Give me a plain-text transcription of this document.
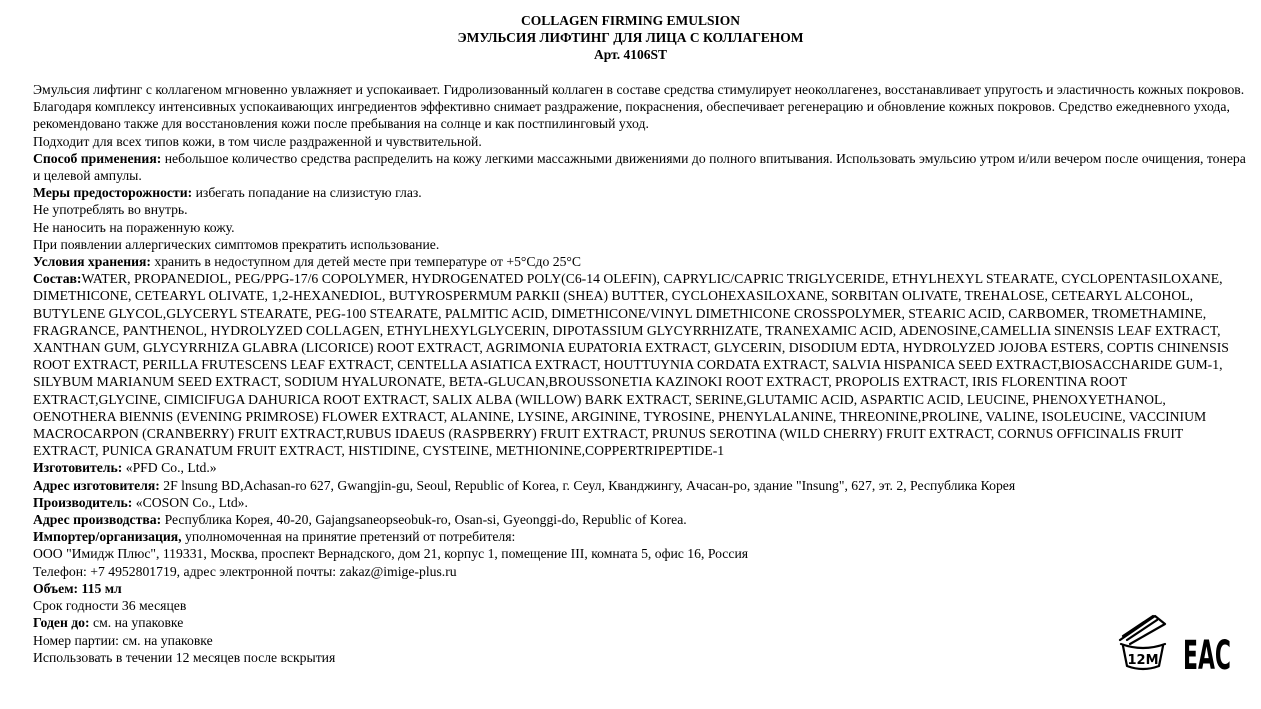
COLLAGEN FIRMING EMULSION
ЭМУЛЬСИЯ ЛИФТИНГ ДЛЯ ЛИЦА С КОЛЛАГЕНОМ
Арт. 4106ST

Эмульсия лифтинг с коллагеном мгновенно увлажняет и успокаивает. Гидролизованный коллаген в составе средства стимулирует неоколлагенез, восстанавливает упругость и эластичность кожных покровов. Благодаря комплексу интенсивных успокаивающих ингредиентов эффективно снимает раздражение, покраснения, обеспечивает регенерацию и обновление кожных покровов. Средство ежедневного ухода, рекомендовано также для восстановления кожи после пребывания на солнце и как постпилинговый уход.

Подходит для всех типов кожи, в том числе раздраженной и чувствительной.

Способ применения: небольшое количество средства распределить на кожу легкими массажными движениями до полного впитывания. Использовать эмульсию утром и/или вечером после очищения, тонера и целевой ампулы.

Меры предосторожности: избегать попадание на слизистую глаз.

Не употреблять во внутрь.

Не наносить на пораженную кожу.

При появлении аллергических симптомов прекратить использование.

Условия хранения: хранить в недоступном для детей месте при температуре от +5°Сдо 25°С

Состав:WATER, PROPANEDIOL, PEG/PPG-17/6 COPOLYMER, HYDROGENATED POLY(C6-14 OLEFIN), CAPRYLIC/CAPRIC TRIGLYCERIDE, ETHYLHEXYL STEARATE, CYCLOPENTASILOXANE, DIMETHICONE, CETEARYL OLIVATE, 1,2-HEXANEDIOL, BUTYROSPERMUM PARKII (SHEA) BUTTER, CYCLOHEXASILOXANE, SORBITAN OLIVATE, TREHALOSE, CETEARYL ALCOHOL, BUTYLENE GLYCOL,GLYCERYL STEARATE, PEG-100 STEARATE, PALMITIC ACID, DIMETHICONE/VINYL DIMETHICONE CROSSPOLYMER, STEARIC ACID, CARBOMER, TROMETHAMINE, FRAGRANCE, PANTHENOL, HYDROLYZED COLLAGEN, ETHYLHEXYLGLYCERIN, DIPOTASSIUM GLYCYRRHIZATE, TRANEXAMIC ACID, ADENOSINE,CAMELLIA SINENSIS LEAF EXTRACT, XANTHAN GUM, GLYCYRRHIZA GLABRA (LICORICE) ROOT EXTRACT, AGRIMONIA EUPATORIA EXTRACT, GLYCERIN, DISODIUM EDTA, HYDROLYZED JOJOBA ESTERS, COPTIS CHINENSIS ROOT EXTRACT, PERILLA FRUTESCENS LEAF EXTRACT, CENTELLA ASIATICA EXTRACT, HOUTTUYNIA CORDATA EXTRACT, SALVIA HISPANICA SEED EXTRACT,BIOSACCHARIDE GUM-1, SILYBUM MARIANUM SEED EXTRACT, SODIUM HYALURONATE, BETA-GLUCAN,BROUSSONETIA KAZINOKI ROOT EXTRACT, PROPOLIS EXTRACT, IRIS FLORENTINA ROOT EXTRACT,GLYCINE, CIMICIFUGA DAHURICA ROOT EXTRACT, SALIX ALBA (WILLOW) BARK EXTRACT, SERINE,GLUTAMIC ACID, ASPARTIC ACID, LEUCINE, PHENOXYETHANOL, OENOTHERA BIENNIS (EVENING PRIMROSE) FLOWER EXTRACT, ALANINE, LYSINE, ARGININE, TYROSINE, PHENYLALANINE, THREONINE,PROLINE, VALINE, ISOLEUCINE, VACCINIUM MACROCARPON (CRANBERRY) FRUIT EXTRACT,RUBUS IDAEUS (RASPBERRY) FRUIT EXTRACT, PRUNUS SEROTINA (WILD CHERRY) FRUIT EXTRACT, CORNUS OFFICINALIS FRUIT EXTRACT, PUNICA GRANATUM FRUIT EXTRACT, HISTIDINE, CYSTEINE, METHIONINE,COPPERTRIPEPTIDE-1

Изготовитель: «PFD Co., Ltd.»

Адрес изготовителя: 2F lnsung BD,Achasan-ro 627, Gwangjin-gu, Seoul, Republic of Korea, г. Сеул, Кванджингу, Ачасан-ро, здание "Insung", 627, эт. 2, Республика Корея

Производитель: «COSON Co., Ltd».

Адрес производства: Республика Корея, 40-20, Gajangsaneopseobuk-ro, Osan-si, Gyeonggi-do, Republic of Korea.

Импортер/организация, уполномоченная на принятие претензий от потребителя:

ООО "Имидж Плюс", 119331, Москва, проспект Вернадского, дом 21, корпус 1, помещение III, комната 5, офис 16, Россия

Телефон: +7 4952801719, адрес электронной почты: zakaz@imige-plus.ru

Объем: 115 мл

Срок годности 36 месяцев

Годен до: см. на упаковке

Номер партии: см. на упаковке

Использовать в течении 12 месяцев после вскрытия	12M EAC
